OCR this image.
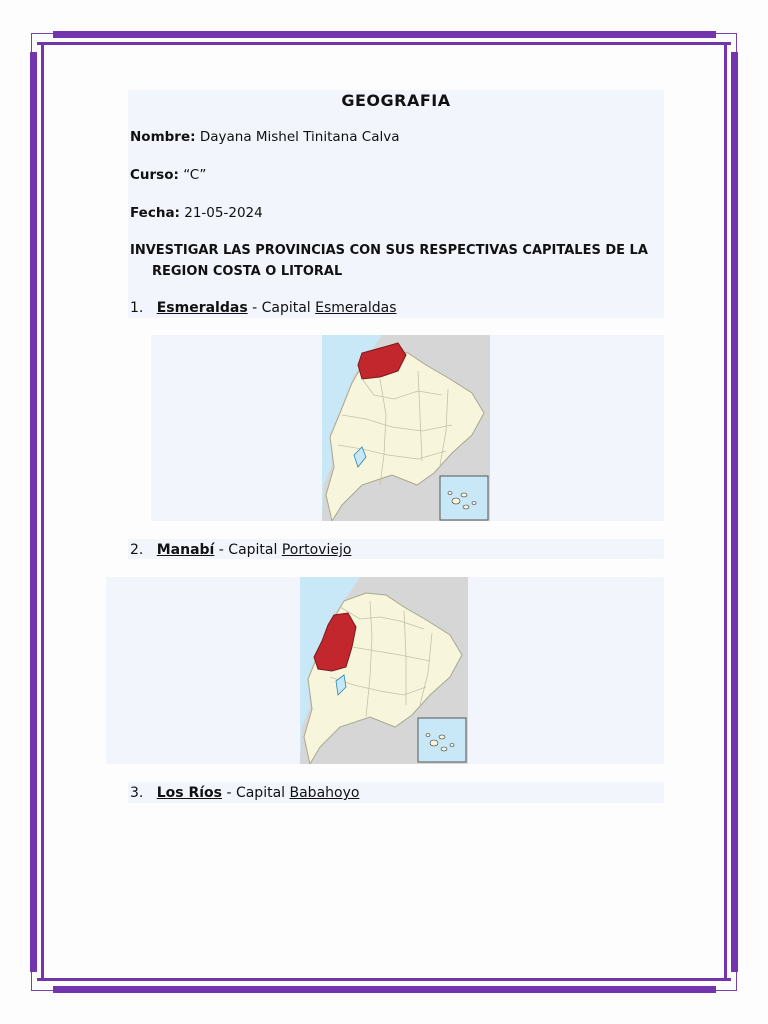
GEOGRAFIA
Nombre: Dayana Mishel Tinitana Calva
Curso: “C”
Fecha: 21-05-2024
INVESTIGAR LAS PROVINCIAS CON SUS RESPECTIVAS CAPITALES DE LA
REGION COSTA O LITORAL
1. Esmeraldas - Capital Esmeraldas
2. Manabí - Capital Portoviejo
3. Los Ríos - Capital Babahoyo
